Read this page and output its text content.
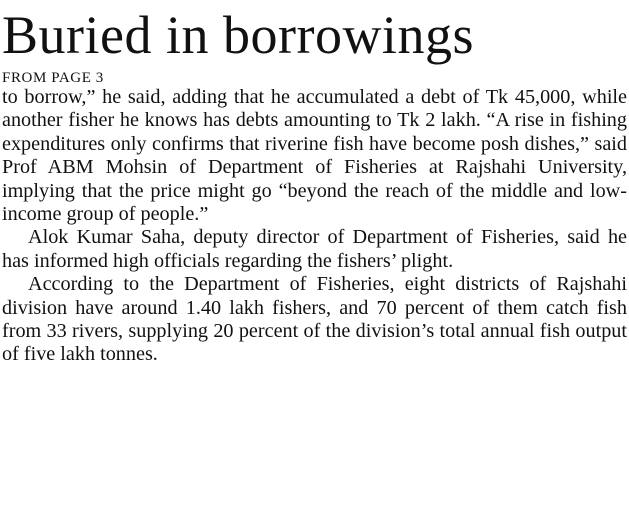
Buried in borrowings
FROM PAGE 3

to borrow,” he said, adding that he accumulated a debt of Tk 45,000, while another fisher he knows has debts amounting to Tk 2 lakh. “A rise in fishing expenditures only confirms that riverine fish have become posh dishes,” said Prof ABM Mohsin of Department of Fisheries at Rajshahi University, implying that the price might go “beyond the reach of the middle and low-income group of people.”

Alok Kumar Saha, deputy director of Department of Fisheries, said he has informed high officials regarding the fishers’ plight.

According to the Department of Fisheries, eight districts of Rajshahi division have around 1.40 lakh fishers, and 70 percent of them catch fish from 33 rivers, supplying 20 percent of the division’s total annual fish output of five lakh tonnes.
